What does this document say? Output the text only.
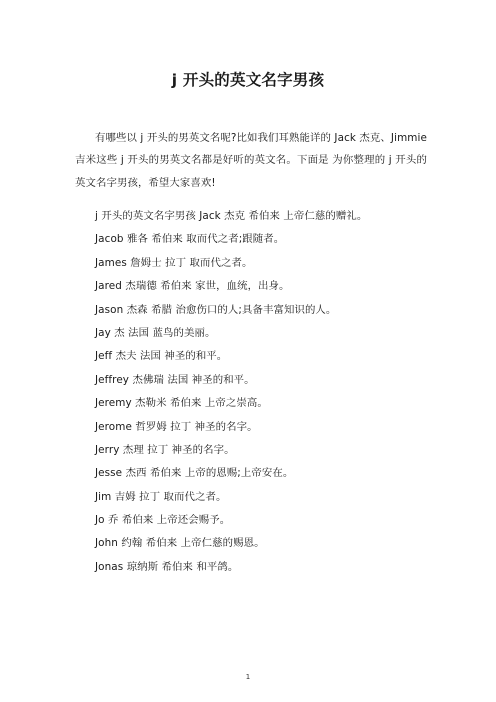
j 开头的英文名字男孩

有哪些以 j 开头的男英文名呢?比如我们耳熟能详的 Jack 杰克、Jimmie 吉米这些 j 开头的男英文名都是好听的英文名。下面是 为你整理的 j 开头的英文名字男孩，希望大家喜欢!

j 开头的英文名字男孩 Jack 杰克 希伯来 上帝仁慈的赠礼。
Jacob 雅各 希伯来 取而代之者;跟随者。
James 詹姆士 拉丁 取而代之者。
Jared 杰瑞德 希伯来 家世，血统，出身。
Jason 杰森 希腊 治愈伤口的人;具备丰富知识的人。
Jay 杰 法国 蓝鸟的美丽。
Jeff 杰夫 法国 神圣的和平。
Jeffrey 杰佛瑞 法国 神圣的和平。
Jeremy 杰勒米 希伯来 上帝之崇高。
Jerome 哲罗姆 拉丁 神圣的名字。
Jerry 杰理 拉丁 神圣的名字。
Jesse 杰西 希伯来 上帝的恩赐;上帝安在。
Jim 吉姆 拉丁 取而代之者。
Jo 乔 希伯来 上帝还会赐予。
John 约翰 希伯来 上帝仁慈的赐恩。
Jonas 琼纳斯 希伯来 和平鸽。
1
